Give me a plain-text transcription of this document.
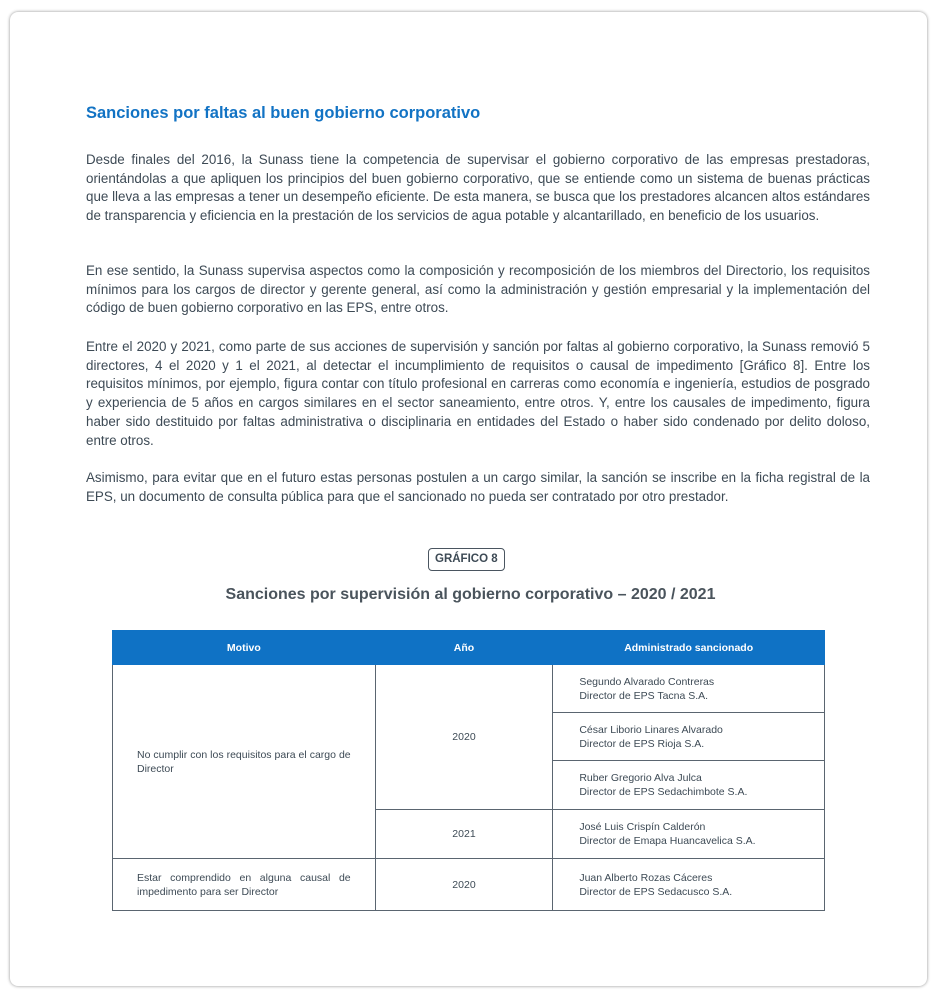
Sanciones por faltas al buen gobierno corporativo

Desde finales del 2016, la Sunass tiene la competencia de supervisar el gobierno corporativo de las empresas prestadoras, orientándolas a que apliquen los principios del buen gobierno corporativo, que se entiende como un sistema de buenas prácticas que lleva a las empresas a tener un desempeño eficiente. De esta manera, se busca que los prestadores alcancen altos estándares de transparencia y eficiencia en la prestación de los servicios de agua potable y alcantarillado, en beneficio de los usuarios.

En ese sentido, la Sunass supervisa aspectos como la composición y recomposición de los miembros del Directorio, los requisitos mínimos para los cargos de director y gerente general, así como la administración y gestión empresarial y la implementación del código de buen gobierno corporativo en las EPS, entre otros.

Entre el 2020 y 2021, como parte de sus acciones de supervisión y sanción por faltas al gobierno corporativo, la Sunass removió 5 directores, 4 el 2020 y 1 el 2021, al detectar el incumplimiento de requisitos o causal de impedimento [Gráfico 8]. Entre los requisitos mínimos, por ejemplo, figura contar con título profesional en carreras como economía e ingeniería, estudios de posgrado y experiencia de 5 años en cargos similares en el sector saneamiento, entre otros. Y, entre los causales de impedimento, figura haber sido destituido por faltas administrativa o disciplinaria en entidades del Estado o haber sido condenado por delito doloso, entre otros.

Asimismo, para evitar que en el futuro estas personas postulen a un cargo similar, la sanción se inscribe en la ficha registral de la EPS, un documento de consulta pública para que el sancionado no pueda ser contratado por otro prestador.

GRÁFICO 8
Sanciones por supervisión al gobierno corporativo – 2020 / 2021
Motivo	Año	Administrado sancionado
No cumplir con los requisitos para el cargo de Director	2020	Segundo Alvarado Contreras
Director de EPS Tacna S.A.

		César Liborio Linares Alvarado
Director de EPS Rioja S.A.

		Ruber Gregorio Alva Julca
Director de EPS Sedachimbote S.A.

	2021	José Luis Crispín Calderón
Director de Emapa Huancavelica S.A.

Estar comprendido en alguna causal de impedimento para ser Director	2020	Juan Alberto Rozas Cáceres
Director de EPS Sedacusco S.A.
